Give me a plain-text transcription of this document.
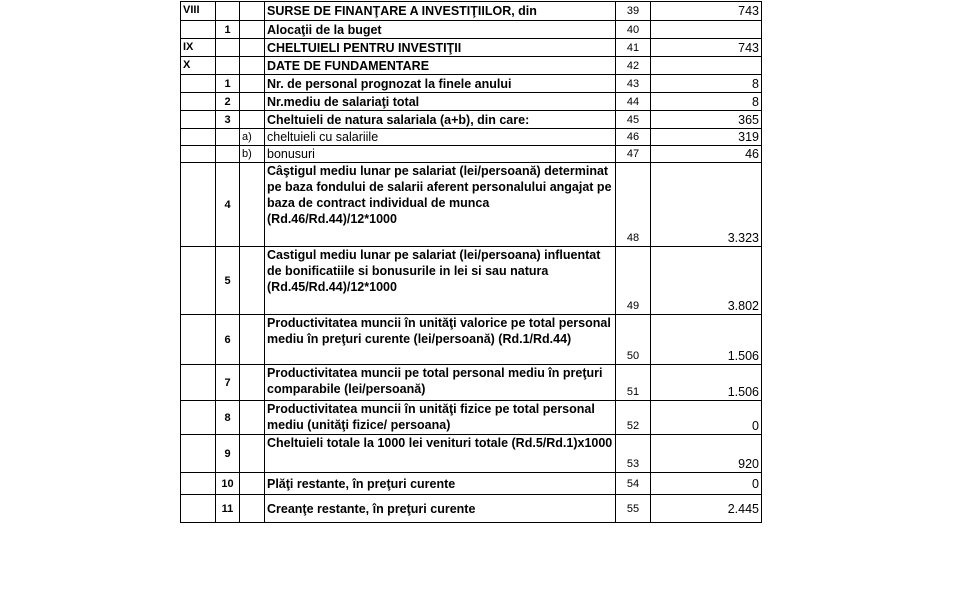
VIII			SURSE DE FINANŢARE A INVESTIŢIILOR, din	39	743
	1		Alocaţii de la buget	40	
IX			CHELTUIELI PENTRU INVESTIŢII	41	743
X			DATE DE FUNDAMENTARE	42	
	1		Nr. de personal prognozat la finele anului	43	8
	2		Nr.mediu de salariaţi total	44	8
	3		Cheltuieli de natura salariala (a+b), din care:	45	365
		a)	cheltuieli cu salariile	46	319
		b)	bonusuri	47	46
	4		Câştigul mediu lunar pe salariat (lei/persoană) determinat pe baza fondului de salarii aferent personalului angajat pe baza de contract individual de munca (Rd.46/Rd.44)/12*1000	48	3.323
	5		Castigul mediu lunar pe salariat (lei/persoana) influentat de bonificatiile si bonusurile in lei si sau natura (Rd.45/Rd.44)/12*1000	49	3.802
	6		Productivitatea muncii în unităţi valorice pe total personal mediu în preţuri curente (lei/persoană) (Rd.1/Rd.44)	50	1.506
	7		Productivitatea muncii pe total personal mediu în preţuri comparabile (lei/persoană)	51	1.506
	8		Productivitatea muncii în unităţi fizice pe total personal mediu (unităţi fizice/ persoana)	52	0
	9		Cheltuieli totale la 1000 lei venituri totale (Rd.5/Rd.1)x1000	53	920
	10		Plăţi restante, în preţuri curente	54	0
	11		Creanţe restante, în preţuri curente	55	2.445
